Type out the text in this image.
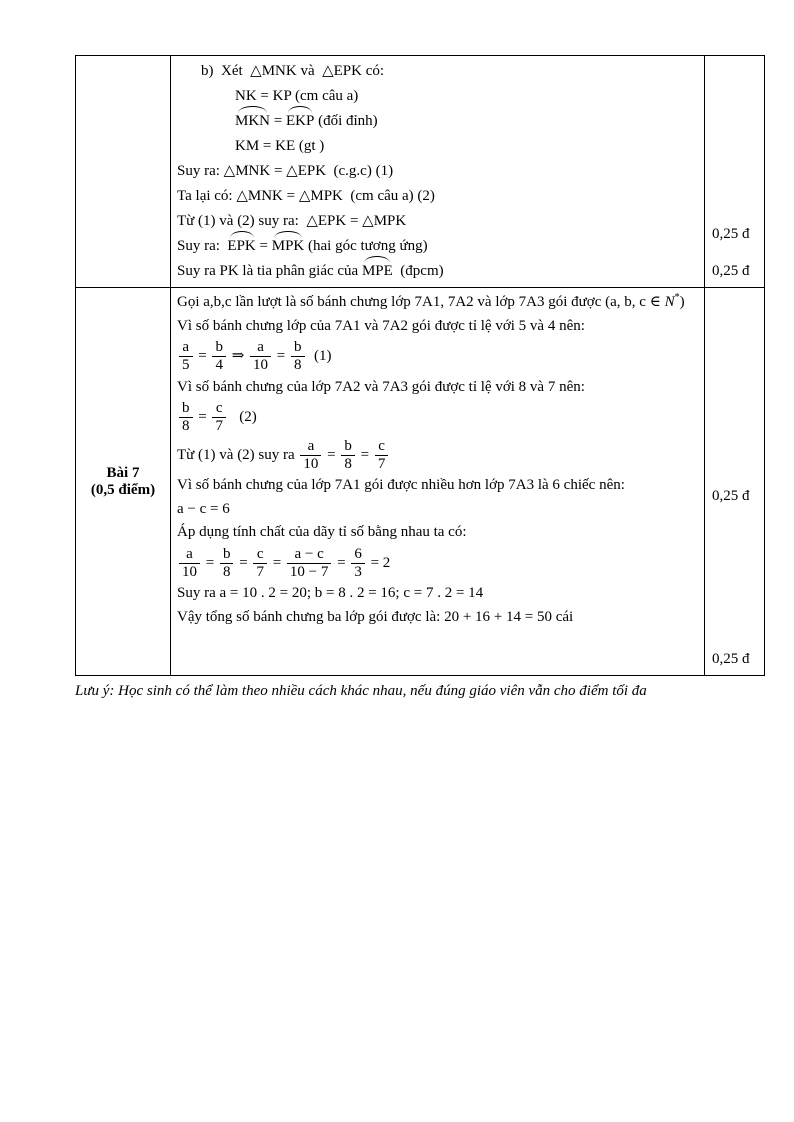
b)  Xét  △MNK và  △EPK có:
NK = KP (cm câu a)
MKN = EKP (đối đỉnh)
KM = KE (gt )
Suy ra: △MNK = △EPK  (c.g.c) (1)
Ta lại có: △MNK = △MPK  (cm câu a) (2)
Từ (1) và (2) suy ra:  △EPK = △MPK
Suy ra:  EPK = MPK (hai góc tương ứng)
Suy ra PK là tia phân giác của MPE  (đpcm)
0,25 đ
0,25 đ
Bài 7
(0,5 điểm)
Gọi a,b,c lần lượt là số bánh chưng lớp 7A1, 7A2 và lớp 7A3 gói được (a, b, c ∈ N*)
Vì số bánh chưng lớp của 7A1 và 7A2 gói được tỉ lệ với 5 và 4 nên:
$\frac{a}{5} = \frac{b}{4}$ ⇒ $\frac{a}{10} = \frac{b}{8} (1)$
Vì số bánh chưng của lớp 7A2 và 7A3 gói được tỉ lệ với 8 và 7 nên:
$\frac{b}{8} = \frac{c}{7} (2)$
Từ (1) và (2) suy ra $\frac{a}{10} = \frac{b}{8} = \frac{c}{7}$
Vì số bánh chưng của lớp 7A1 gói được nhiều hơn lớp 7A3 là 6 chiếc nên:
a − c = 6
Áp dụng tính chất của dãy tỉ số bằng nhau ta có:
$\frac{a}{10} = \frac{b}{8} = \frac{c}{7} = \frac{a - c}{10 - 7} = \frac{6}{3} = 2$
Suy ra a = 10 . 2 = 20; b = 8 . 2 = 16; c = 7 . 2 = 14
Vậy tổng số bánh chưng ba lớp gói được là: 20 + 16 + 14 = 50 cái
0,25 đ
0,25 đ
Lưu ý: Học sinh có thể làm theo nhiều cách khác nhau, nếu đúng giáo viên vẫn cho điểm tối đa
